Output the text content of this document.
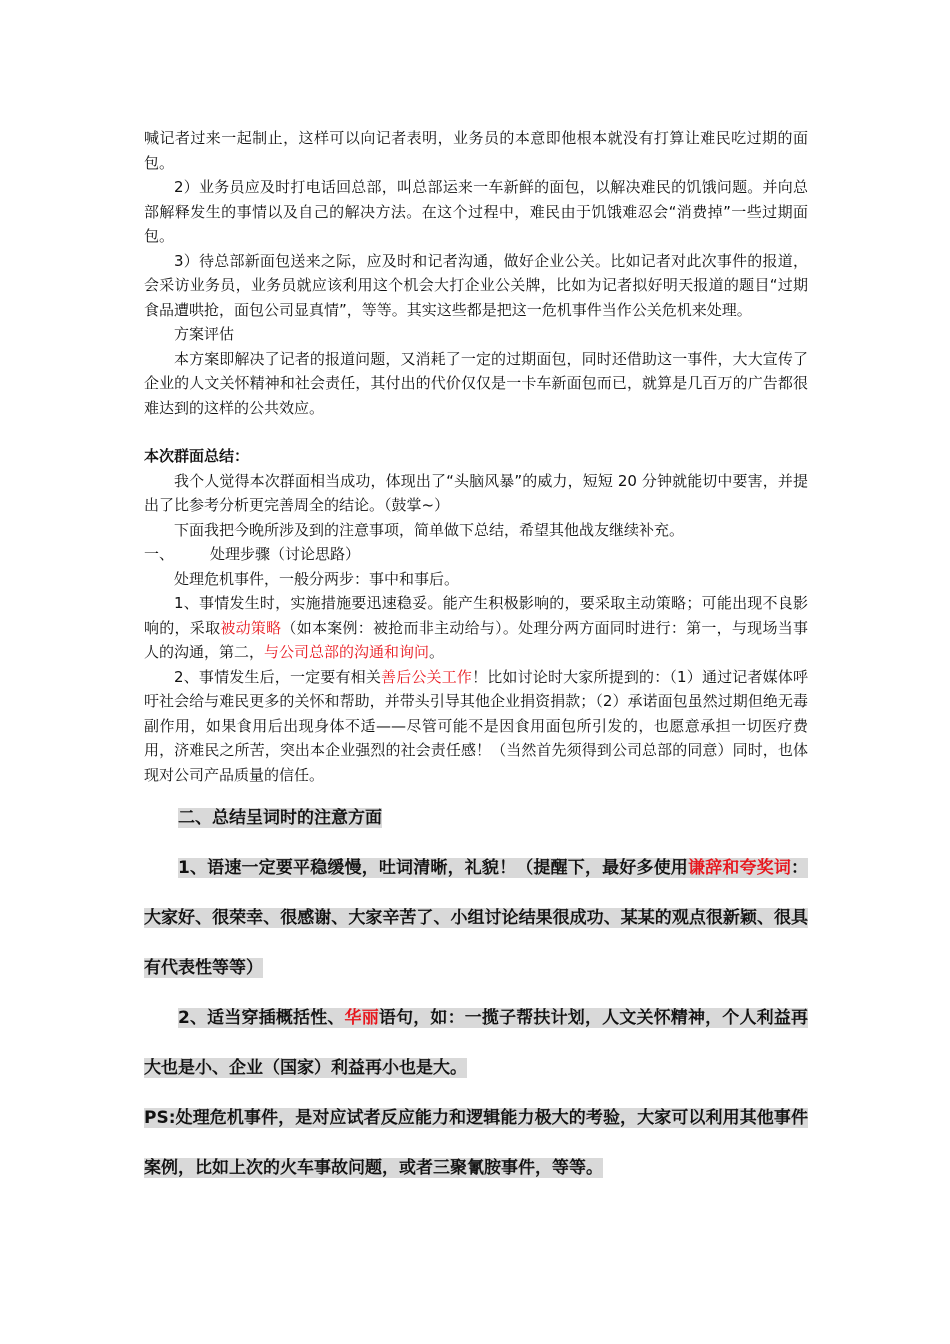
喊记者过来一起制止，这样可以向记者表明，业务员的本意即他根本就没有打算让难民吃过期的面包。

2）业务员应及时打电话回总部，叫总部运来一车新鲜的面包，以解决难民的饥饿问题。并向总部解释发生的事情以及自己的解决方法。在这个过程中，难民由于饥饿难忍会“消费掉”一些过期面包。

3）待总部新面包送来之际，应及时和记者沟通，做好企业公关。比如记者对此次事件的报道，会采访业务员，业务员就应该利用这个机会大打企业公关牌，比如为记者拟好明天报道的题目“过期食品遭哄抢，面包公司显真情”，等等。其实这些都是把这一危机事件当作公关危机来处理。

方案评估

本方案即解决了记者的报道问题，又消耗了一定的过期面包，同时还借助这一事件，大大宣传了企业的人文关怀精神和社会责任，其付出的代价仅仅是一卡车新面包而已，就算是几百万的广告都很难达到的这样的公共效应。

本次群面总结：

我个人觉得本次群面相当成功，体现出了“头脑风暴”的威力，短短 20 分钟就能切中要害，并提出了比参考分析更完善周全的结论。（鼓掌~）

下面我把今晚所涉及到的注意事项，简单做下总结，希望其他战友继续补充。

一、	处理步骤（讨论思路）

处理危机事件，一般分两步：事中和事后。

1、事情发生时，实施措施要迅速稳妥。能产生积极影响的，要采取主动策略；可能出现不良影响的，采取被动策略（如本案例：被抢而非主动给与）。处理分两方面同时进行：第一，与现场当事人的沟通，第二，与公司总部的沟通和询问。

2、事情发生后，一定要有相关善后公关工作！比如讨论时大家所提到的：（1）通过记者媒体呼吁社会给与难民更多的关怀和帮助，并带头引导其他企业捐资捐款；（2）承诺面包虽然过期但绝无毒副作用，如果食用后出现身体不适——尽管可能不是因食用面包所引发的，也愿意承担一切医疗费用，济难民之所苦，突出本企业强烈的社会责任感！（当然首先须得到公司总部的同意）同时，也体现对公司产品质量的信任。

二、总结呈词时的注意方面

1、语速一定要平稳缓慢，吐词清晰，礼貌！（提醒下，最好多使用谦辞和夸奖词：大家好、很荣幸、很感谢、大家辛苦了、小组讨论结果很成功、某某的观点很新颖、很具有代表性等等）

2、适当穿插概括性、华丽语句，如：一揽子帮扶计划，人文关怀精神，个人利益再大也是小、企业（国家）利益再小也是大。

PS:处理危机事件，是对应试者反应能力和逻辑能力极大的考验，大家可以利用其他事件案例，比如上次的火车事故问题，或者三聚氰胺事件，等等。
